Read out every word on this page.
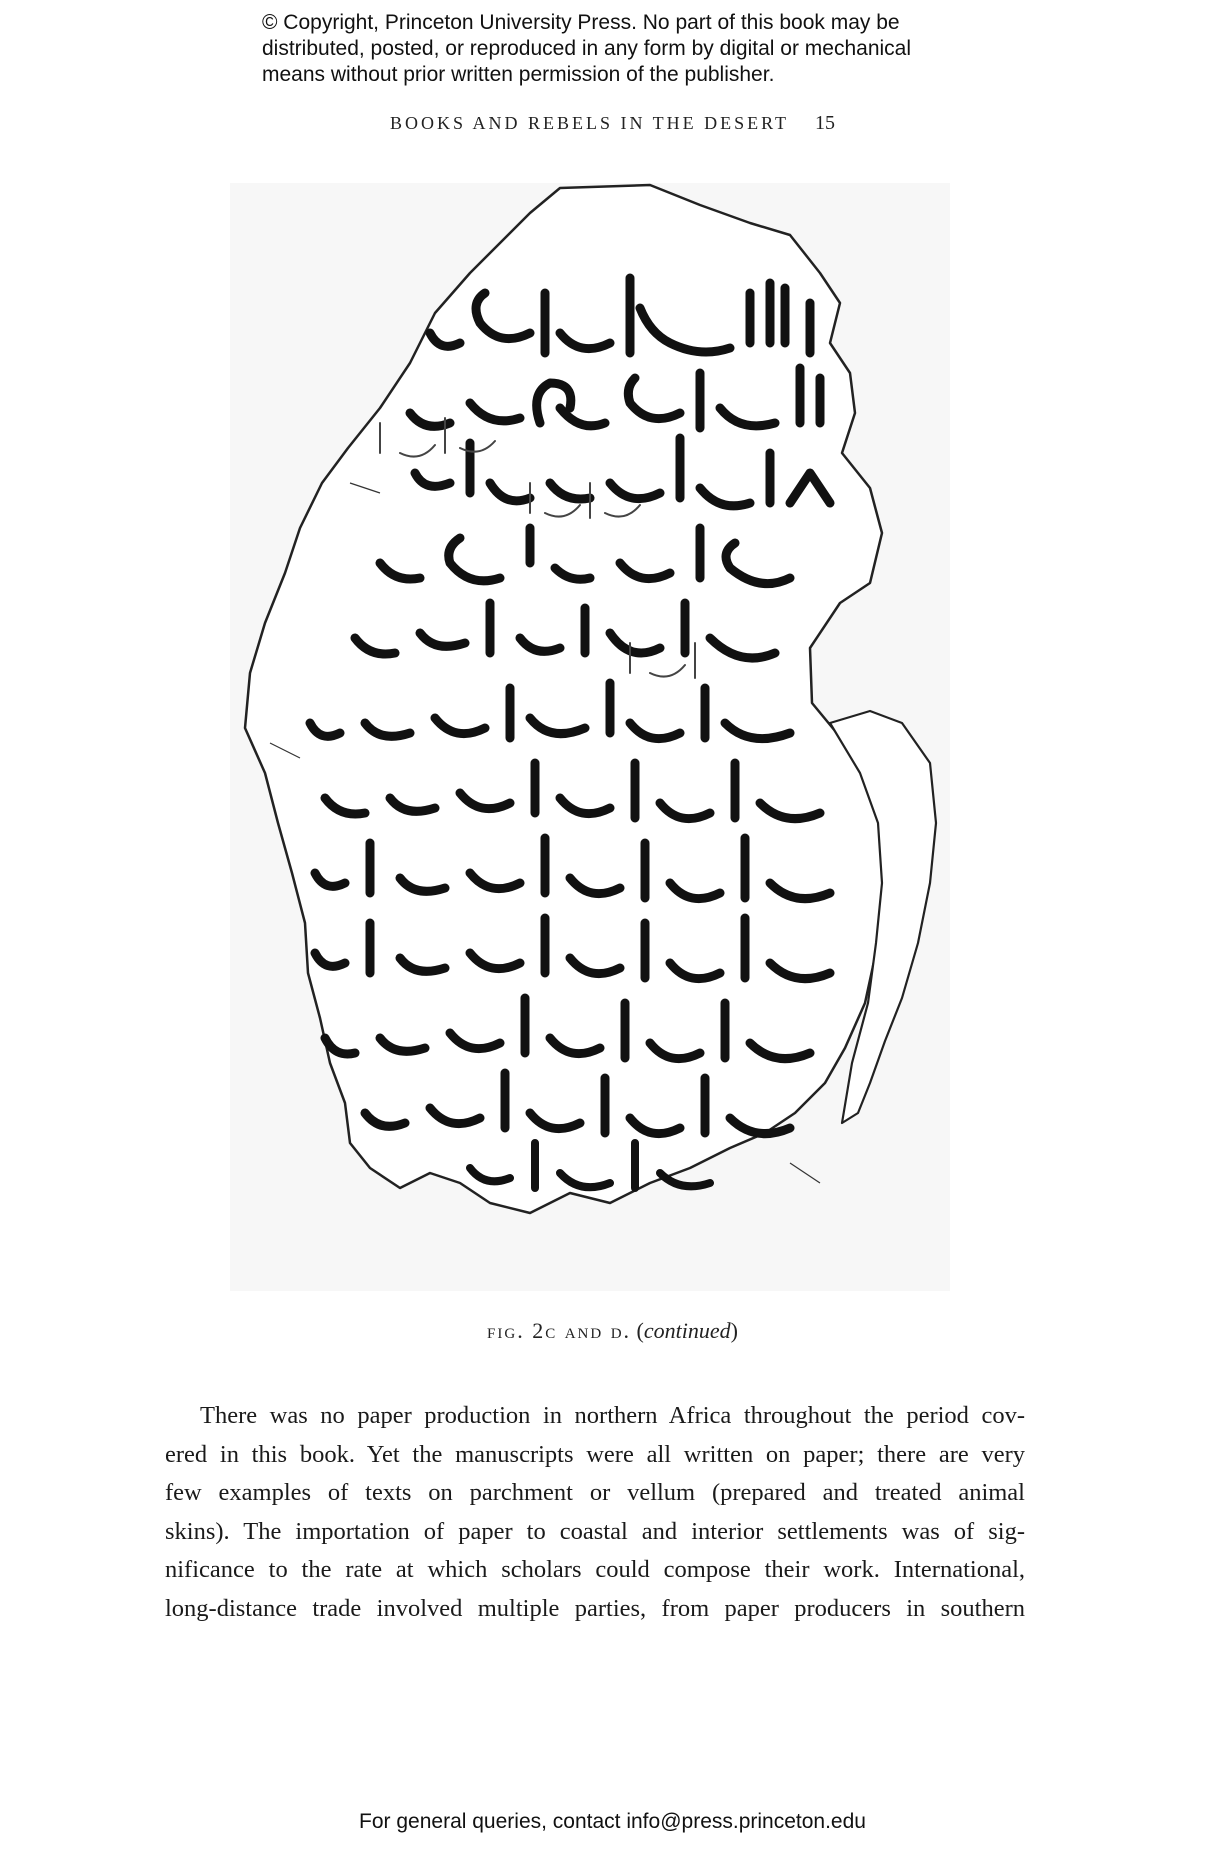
© Copyright, Princeton University Press. No part of this book may be
distributed, posted, or reproduced in any form by digital or mechanical
means without prior written permission of the publisher.
BOOKS AND REBELS IN THE DESERT 15
fig. 2c and d. (continued)
There was no paper production in northern Africa throughout the period cov-
ered in this book. Yet the manuscripts were all written on paper; there are very
few examples of texts on parchment or vellum (prepared and treated animal
skins). The importation of paper to coastal and interior settlements was of sig-
nificance to the rate at which scholars could compose their work. International,
long-distance trade involved multiple parties, from paper producers in southern
For general queries, contact info@press.princeton.edu
